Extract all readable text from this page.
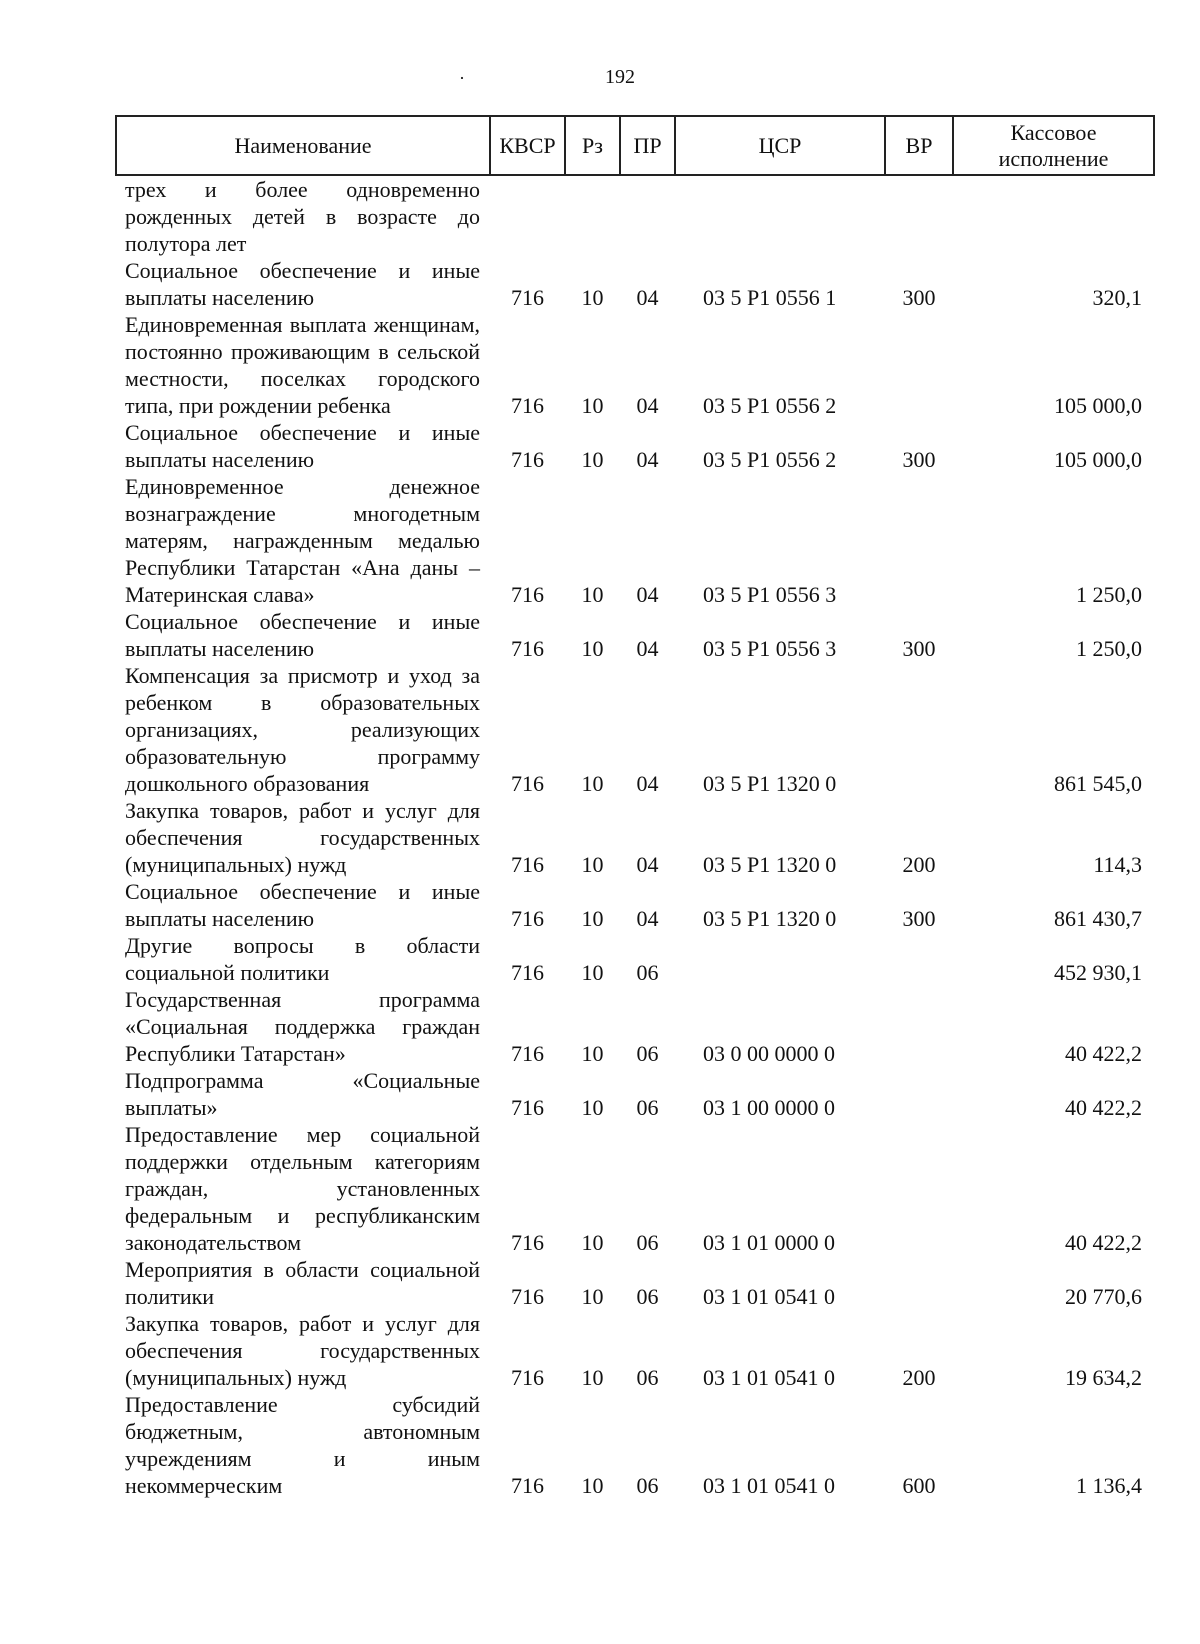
192
·
Наименование	КВСР	Рз	ПР	ЦСР	ВР	Кассовое исполнение
трех и более одновременно рожденных детей в возрасте до полутора лет						
Социальное обеспечение и иные выплаты населению	716	10	04	03 5 Р1 0556 1	300	320,1
Единовременная выплата женщинам, постоянно проживающим в сельской местности, поселках городского типа, при рождении ребенка	716	10	04	03 5 Р1 0556 2		105 000,0
Социальное обеспечение и иные выплаты населению	716	10	04	03 5 Р1 0556 2	300	105 000,0
Единовременное денежное вознаграждение многодетным матерям, награжденным медалью Республики Татарстан «Ана даны – Материнская слава»	716	10	04	03 5 Р1 0556 3		1 250,0
Социальное обеспечение и иные выплаты населению	716	10	04	03 5 Р1 0556 3	300	1 250,0
Компенсация за присмотр и уход за ребенком в образовательных организациях, реализующих образовательную программу дошкольного образования	716	10	04	03 5 Р1 1320 0		861 545,0
Закупка товаров, работ и услуг для обеспечения государственных (муниципальных) нужд	716	10	04	03 5 Р1 1320 0	200	114,3
Социальное обеспечение и иные выплаты населению	716	10	04	03 5 Р1 1320 0	300	861 430,7
Другие вопросы в области социальной политики	716	10	06			452 930,1
Государственная программа «Социальная поддержка граждан Республики Татарстан»	716	10	06	03 0 00 0000 0		40 422,2
Подпрограмма «Социальные выплаты»	716	10	06	03 1 00 0000 0		40 422,2
Предоставление мер социальной поддержки отдельным категориям граждан, установленных федеральным и республиканским законодательством	716	10	06	03 1 01 0000 0		40 422,2
Мероприятия в области социальной политики	716	10	06	03 1 01 0541 0		20 770,6
Закупка товаров, работ и услуг для обеспечения государственных (муниципальных) нужд	716	10	06	03 1 01 0541 0	200	19 634,2
Предоставление субсидий бюджетным, автономным учреждениям и иным некоммерческим	716	10	06	03 1 01 0541 0	600	1 136,4
